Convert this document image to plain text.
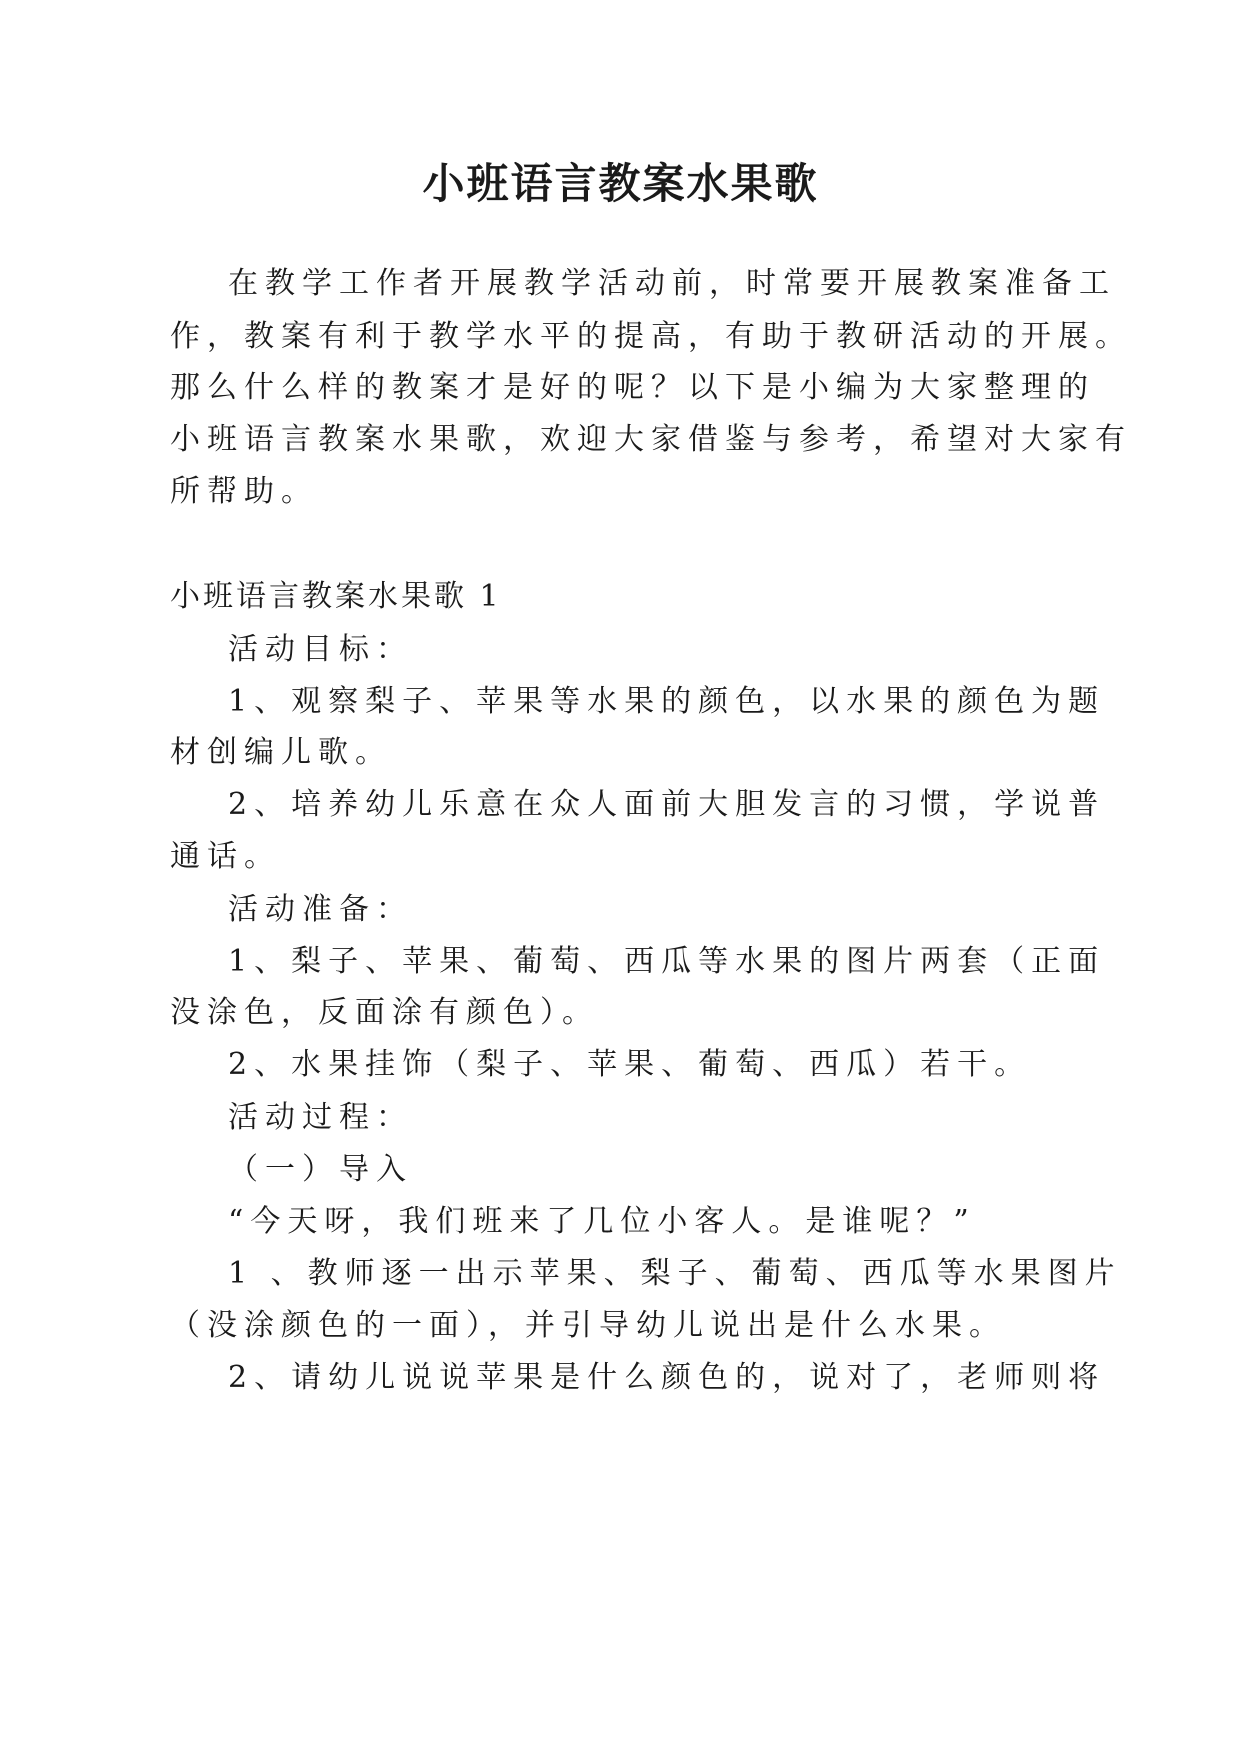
小班语言教案水果歌

在教学工作者开展教学活动前，时常要开展教案准备工

作，教案有利于教学水平的提高，有助于教研活动的开展。

那么什么样的教案才是好的呢？以下是小编为大家整理的

小班语言教案水果歌，欢迎大家借鉴与参考，希望对大家有

所帮助。

小班语言教案水果歌 1

活动目标：

1、观察梨子、苹果等水果的颜色，以水果的颜色为题

材创编儿歌。

2、培养幼儿乐意在众人面前大胆发言的习惯，学说普

通话。

活动准备：

1、梨子、苹果、葡萄、西瓜等水果的图片两套（正面

没涂色，反面涂有颜色）。

2、水果挂饰（梨子、苹果、葡萄、西瓜）若干。

活动过程：

（一）导入

“今天呀，我们班来了几位小客人。是谁呢？”

1 、教师逐一出示苹果、梨子、葡萄、西瓜等水果图片

（没涂颜色的一面），并引导幼儿说出是什么水果。

2、请幼儿说说苹果是什么颜色的，说对了，老师则将
